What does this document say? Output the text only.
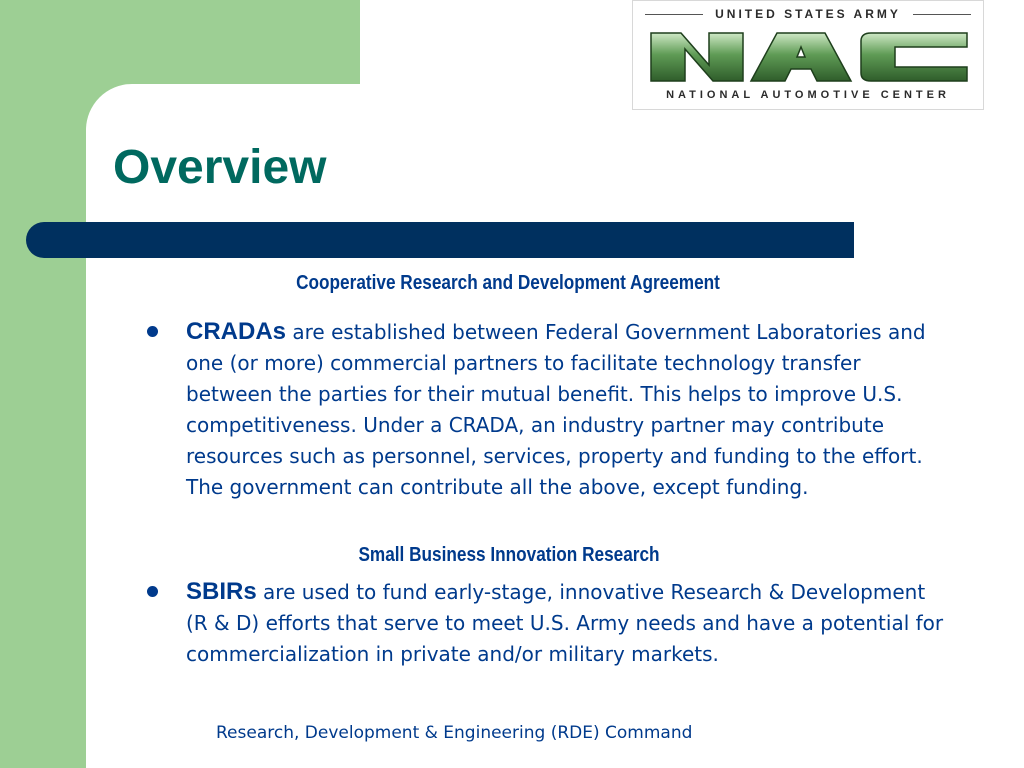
UNITED STATES ARMY
NATIONAL AUTOMOTIVE CENTER
Overview
Cooperative Research and Development Agreement
CRADAs are established between Federal Government Laboratories and one (or more) commercial partners to facilitate technology transfer between the parties for their mutual benefit. This helps to improve U.S. competitiveness. Under a CRADA, an industry partner may contribute resources such as personnel, services, property and funding to the effort. The government can contribute all the above, except funding.
Small Business Innovation Research
SBIRs are used to fund early-stage, innovative Research & Development (R & D) efforts that serve to meet U.S. Army needs and have a potential for commercialization in private and/or military markets.

Research, Development & Engineering (RDE) Command
